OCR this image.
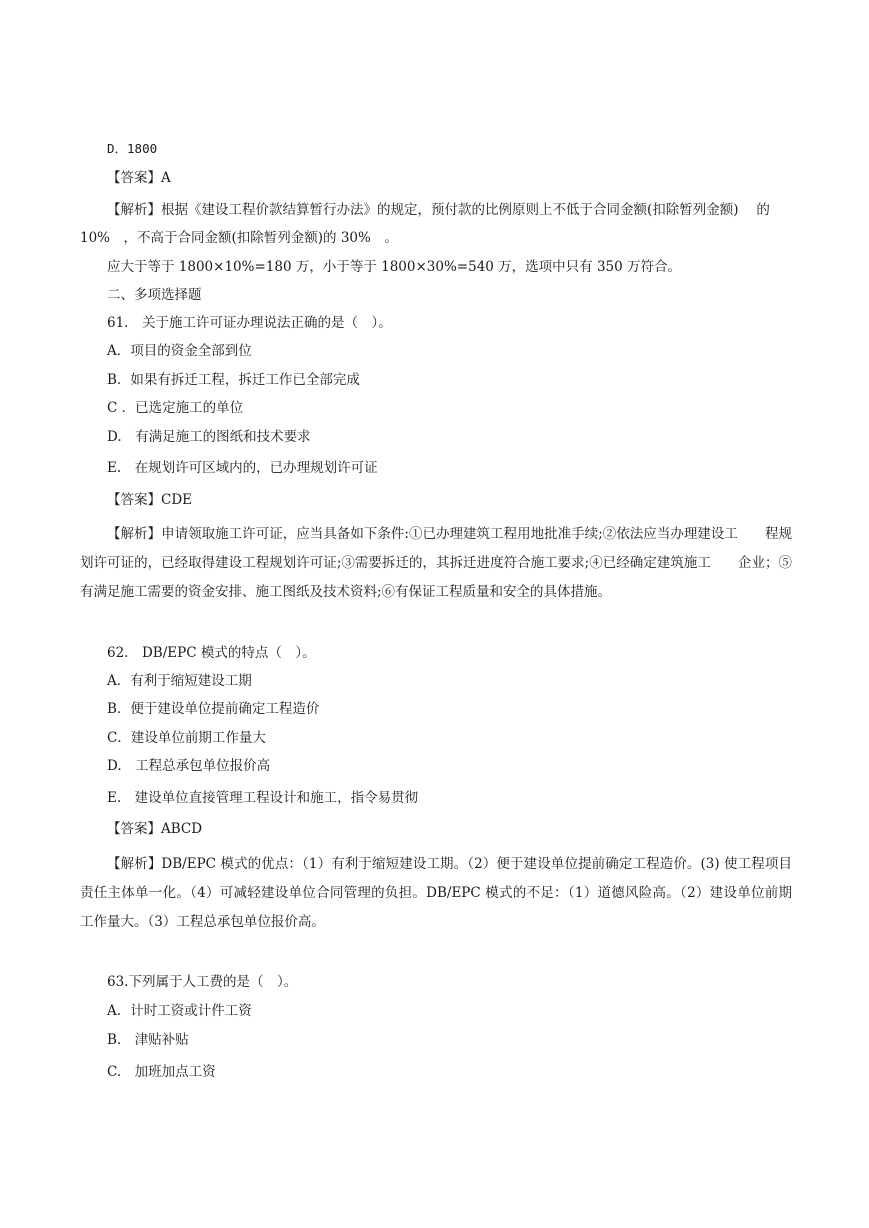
D．1800
【答案】A
【解析】根据《建设工程价款结算暂行办法》的规定，预付款的比例原则上不低于合同金额(扣除暂列金额)　 的
10%　，不高于合同金额(扣除暂列金额)的 30%　。
应大于等于 1800×10%=180 万，小于等于 1800×30%=540 万，选项中只有 350 万符合。
二、多项选择题
61.　关于施工许可证办理说法正确的是（　）。
A．项目的资金全部到位
B．如果有拆迁工程，拆迁工作已全部完成
C ．已选定施工的单位
D.　有满足施工的图纸和技术要求
E.　在规划许可区域内的，已办理规划许可证
【答案】CDE
【解析】申请领取施工许可证，应当具备如下条件:①已办理建筑工程用地批准手续;②依法应当办理建设工　　程规划许可证的，已经取得建设工程规划许可证;③需要拆迁的，其拆迁进度符合施工要求;④已经确定建筑施工　　企业；⑤有满足施工需要的资金安排、施工图纸及技术资料;⑥有保证工程质量和安全的具体措施。
62.　DB/EPC 模式的特点（　）。
A．有利于缩短建设工期
B．便于建设单位提前确定工程造价
C．建设单位前期工作量大
D.　工程总承包单位报价高
E.　建设单位直接管理工程设计和施工，指令易贯彻
【答案】ABCD
【解析】DB/EPC 模式的优点：（1）有利于缩短建设工期。（2）便于建设单位提前确定工程造价。(3) 使工程项目责任主体单一化。（4）可减轻建设单位合同管理的负担。DB/EPC 模式的不足：（1）道德风险高。（2）建设单位前期工作量大。（3）工程总承包单位报价高。
63.下列属于人工费的是（　）。
A．计时工资或计件工资
B.　津贴补贴
C.　加班加点工资
